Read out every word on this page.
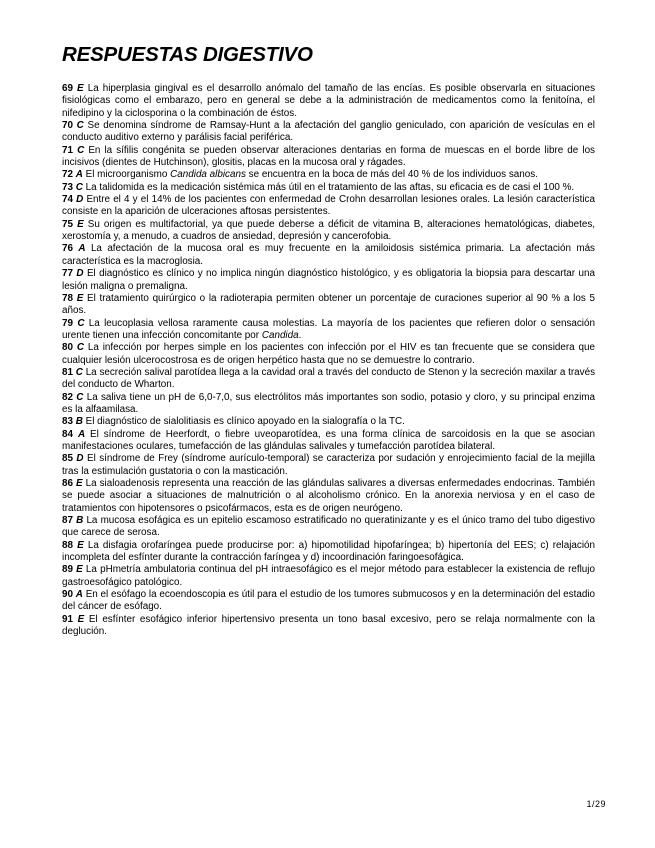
RESPUESTAS DIGESTIVO

69 E La hiperplasia gingival es el desarrollo anómalo del tamaño de las encías. Es posible observarla en situaciones fisiológicas como el embarazo, pero en general se debe a la administración de medicamentos como la fenitoína, el nifedipino y la ciclosporina o la combinación de éstos.

70 C Se denomina síndrome de Ramsay-Hunt a la afectación del ganglio geniculado, con aparición de vesículas en el conducto auditivo externo y parálisis facial periférica.

71 C En la sífilis congénita se pueden observar alteraciones dentarias en forma de muescas en el borde libre de los incisivos (dientes de Hutchinson), glositis, placas en la mucosa oral y rágades.

72 A El microorganismo Candida albicans se encuentra en la boca de más del 40 % de los individuos sanos.

73 C La talidomida es la medicación sistémica más útil en el tratamiento de las aftas, su eficacia es de casi el 100 %.

74 D Entre el 4 y el 14% de los pacientes con enfermedad de Crohn desarrollan lesiones orales. La lesión característica consiste en la aparición de ulceraciones aftosas persistentes.

75 E Su origen es multifactorial, ya que puede deberse a déficit de vitamina B, alteraciones hematológicas, diabetes, xerostomía y, a menudo, a cuadros de ansiedad, depresión y cancerofobia.

76 A La afectación de la mucosa oral es muy frecuente en la amiloidosis sistémica primaria. La afectación más característica es la macroglosia.

77 D El diagnóstico es clínico y no implica ningún diagnóstico histológico, y es obligatoria la biopsia para descartar una lesión maligna o premaligna.

78 E El tratamiento quirúrgico o la radioterapia permiten obtener un porcentaje de curaciones superior al 90 % a los 5 años.

79 C La leucoplasia vellosa raramente causa molestias. La mayoría de los pacientes que refieren dolor o sensación urente tienen una infección concomitante por Candida.

80 C La infección por herpes simple en los pacientes con infección por el HIV es tan frecuente que se considera que cualquier lesión ulcerocostrosa es de origen herpético hasta que no se demuestre lo contrario.

81 C La secreción salival parotídea llega a la cavidad oral a través del conducto de Stenon y la secreción maxilar a través del conducto de Wharton.

82 C La saliva tiene un pH de 6,0-7,0, sus electrólitos más importantes son sodio, potasio y cloro, y su principal enzima es la alfaamilasa.

83 B El diagnóstico de sialolitiasis es clínico apoyado en la sialografía o la TC.

84 A El síndrome de Heerfordt, o fiebre uveoparotídea, es una forma clínica de sarcoidosis en la que se asocian manifestaciones oculares, tumefacción de las glándulas salivales y tumefacción parotídea bilateral.

85 D El síndrome de Frey (síndrome aurículo-temporal) se caracteriza por sudación y enrojecimiento facial de la mejilla tras la estimulación gustatoria o con la masticación.

86 E La sialoadenosis representa una reacción de las glándulas salivares a diversas enfermedades endocrinas. También se puede asociar a situaciones de malnutrición o al alcoholismo crónico. En la anorexia nerviosa y en el caso de tratamientos con hipotensores o psicofármacos, esta es de origen neurógeno.

87 B La mucosa esofágica es un epitelio escamoso estratificado no queratinizante y es el único tramo del tubo digestivo que carece de serosa.

88 E La disfagia orofaríngea puede producirse por: a) hipomotilidad hipofaríngea; b) hipertonía del EES; c) relajación incompleta del esfínter durante la contracción faríngea y d) incoordinación faringoesofágica.

89 E La pHmetría ambulatoria continua del pH intraesofágico es el mejor método para establecer la existencia de reflujo gastroesofágico patológico.

90 A En el esófago la ecoendoscopia es útil para el estudio de los tumores submucosos y en la determinación del estadio del cáncer de esófago.

91 E El esfínter esofágico inferior hipertensivo presenta un tono basal excesivo, pero se relaja normalmente con la deglución.

1/29
